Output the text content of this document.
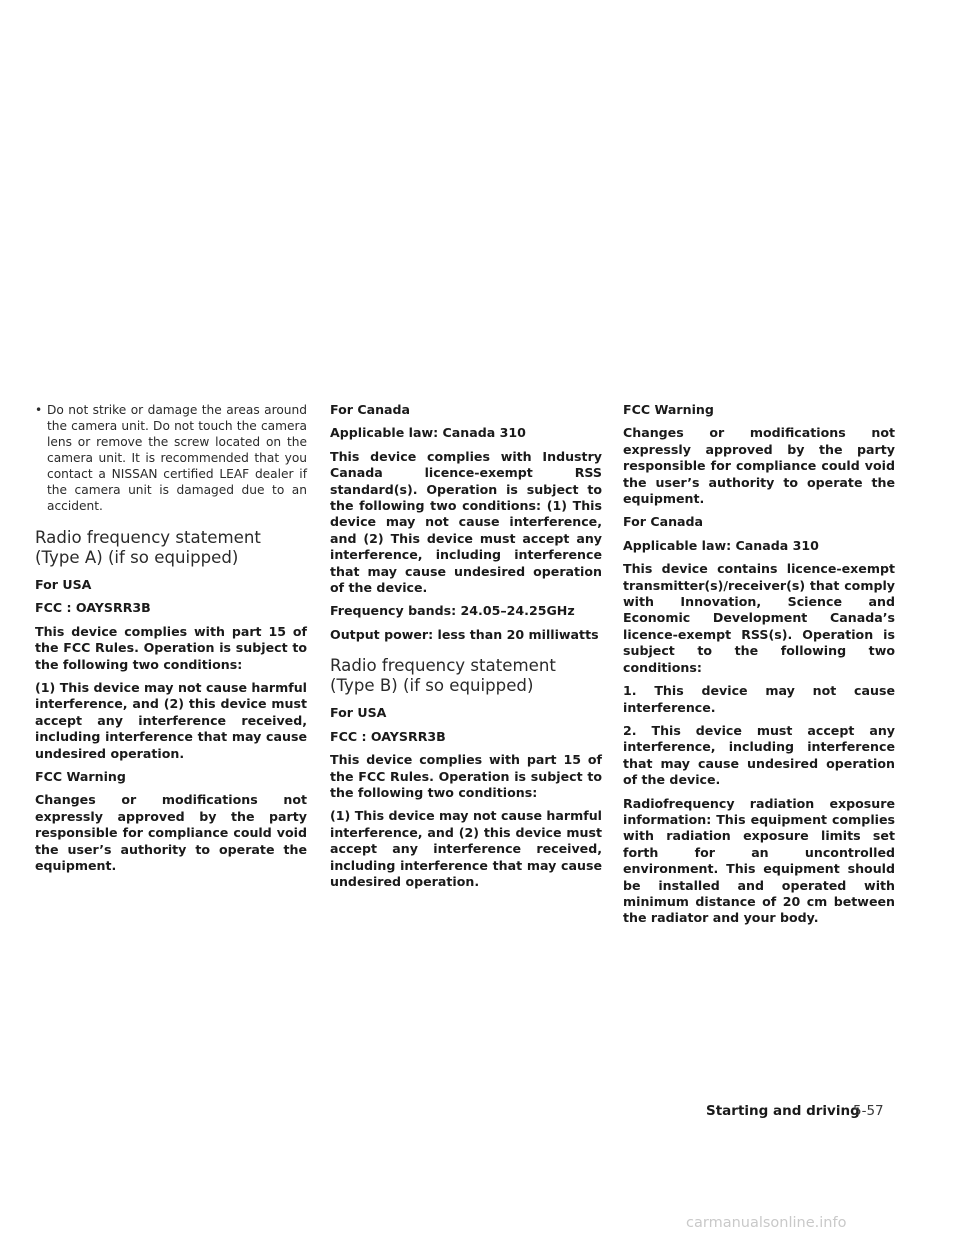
• Do not strike or damage the areas around the camera unit. Do not touch the camera lens or remove the screw located on the camera unit. It is recommended that you contact a NISSAN certified LEAF dealer if the camera unit is damaged due to an accident.
Radio frequency statement (Type A) (if so equipped)
For USA
FCC : OAYSRR3B
This device complies with part 15 of the FCC Rules. Operation is subject to the following two conditions:
(1) This device may not cause harmful interference, and (2) this device must accept any interference received, including interference that may cause undesired operation.
FCC Warning
Changes or modifications not expressly approved by the party responsible for compliance could void the user’s authority to operate the equipment.
For Canada
Applicable law: Canada 310
This device complies with Industry Canada licence-exempt RSS standard(s). Operation is subject to the following two conditions: (1) This device may not cause interference, and (2) This device must accept any interference, including interference that may cause undesired operation of the device.
Frequency bands: 24.05–24.25GHz
Output power: less than 20 milliwatts
Radio frequency statement (Type B) (if so equipped)
For USA
FCC : OAYSRR3B
This device complies with part 15 of the FCC Rules. Operation is subject to the following two conditions:
(1) This device may not cause harmful interference, and (2) this device must accept any interference received, including interference that may cause undesired operation.
FCC Warning
Changes or modifications not expressly approved by the party responsible for compliance could void the user’s authority to operate the equipment.
For Canada
Applicable law: Canada 310
This device contains licence-exempt transmitter(s)/receiver(s) that comply with Innovation, Science and Economic Development Canada’s licence-exempt RSS(s). Operation is subject to the following two conditions:
1. This device may not cause interference.
2. This device must accept any interference, including interference that may cause undesired operation of the device.
Radiofrequency radiation exposure information: This equipment complies with radiation exposure limits set forth for an uncontrolled environment. This equipment should be installed and operated with minimum distance of 20 cm between the radiator and your body.
Starting and driving
5-57
carmanualsonline.info
